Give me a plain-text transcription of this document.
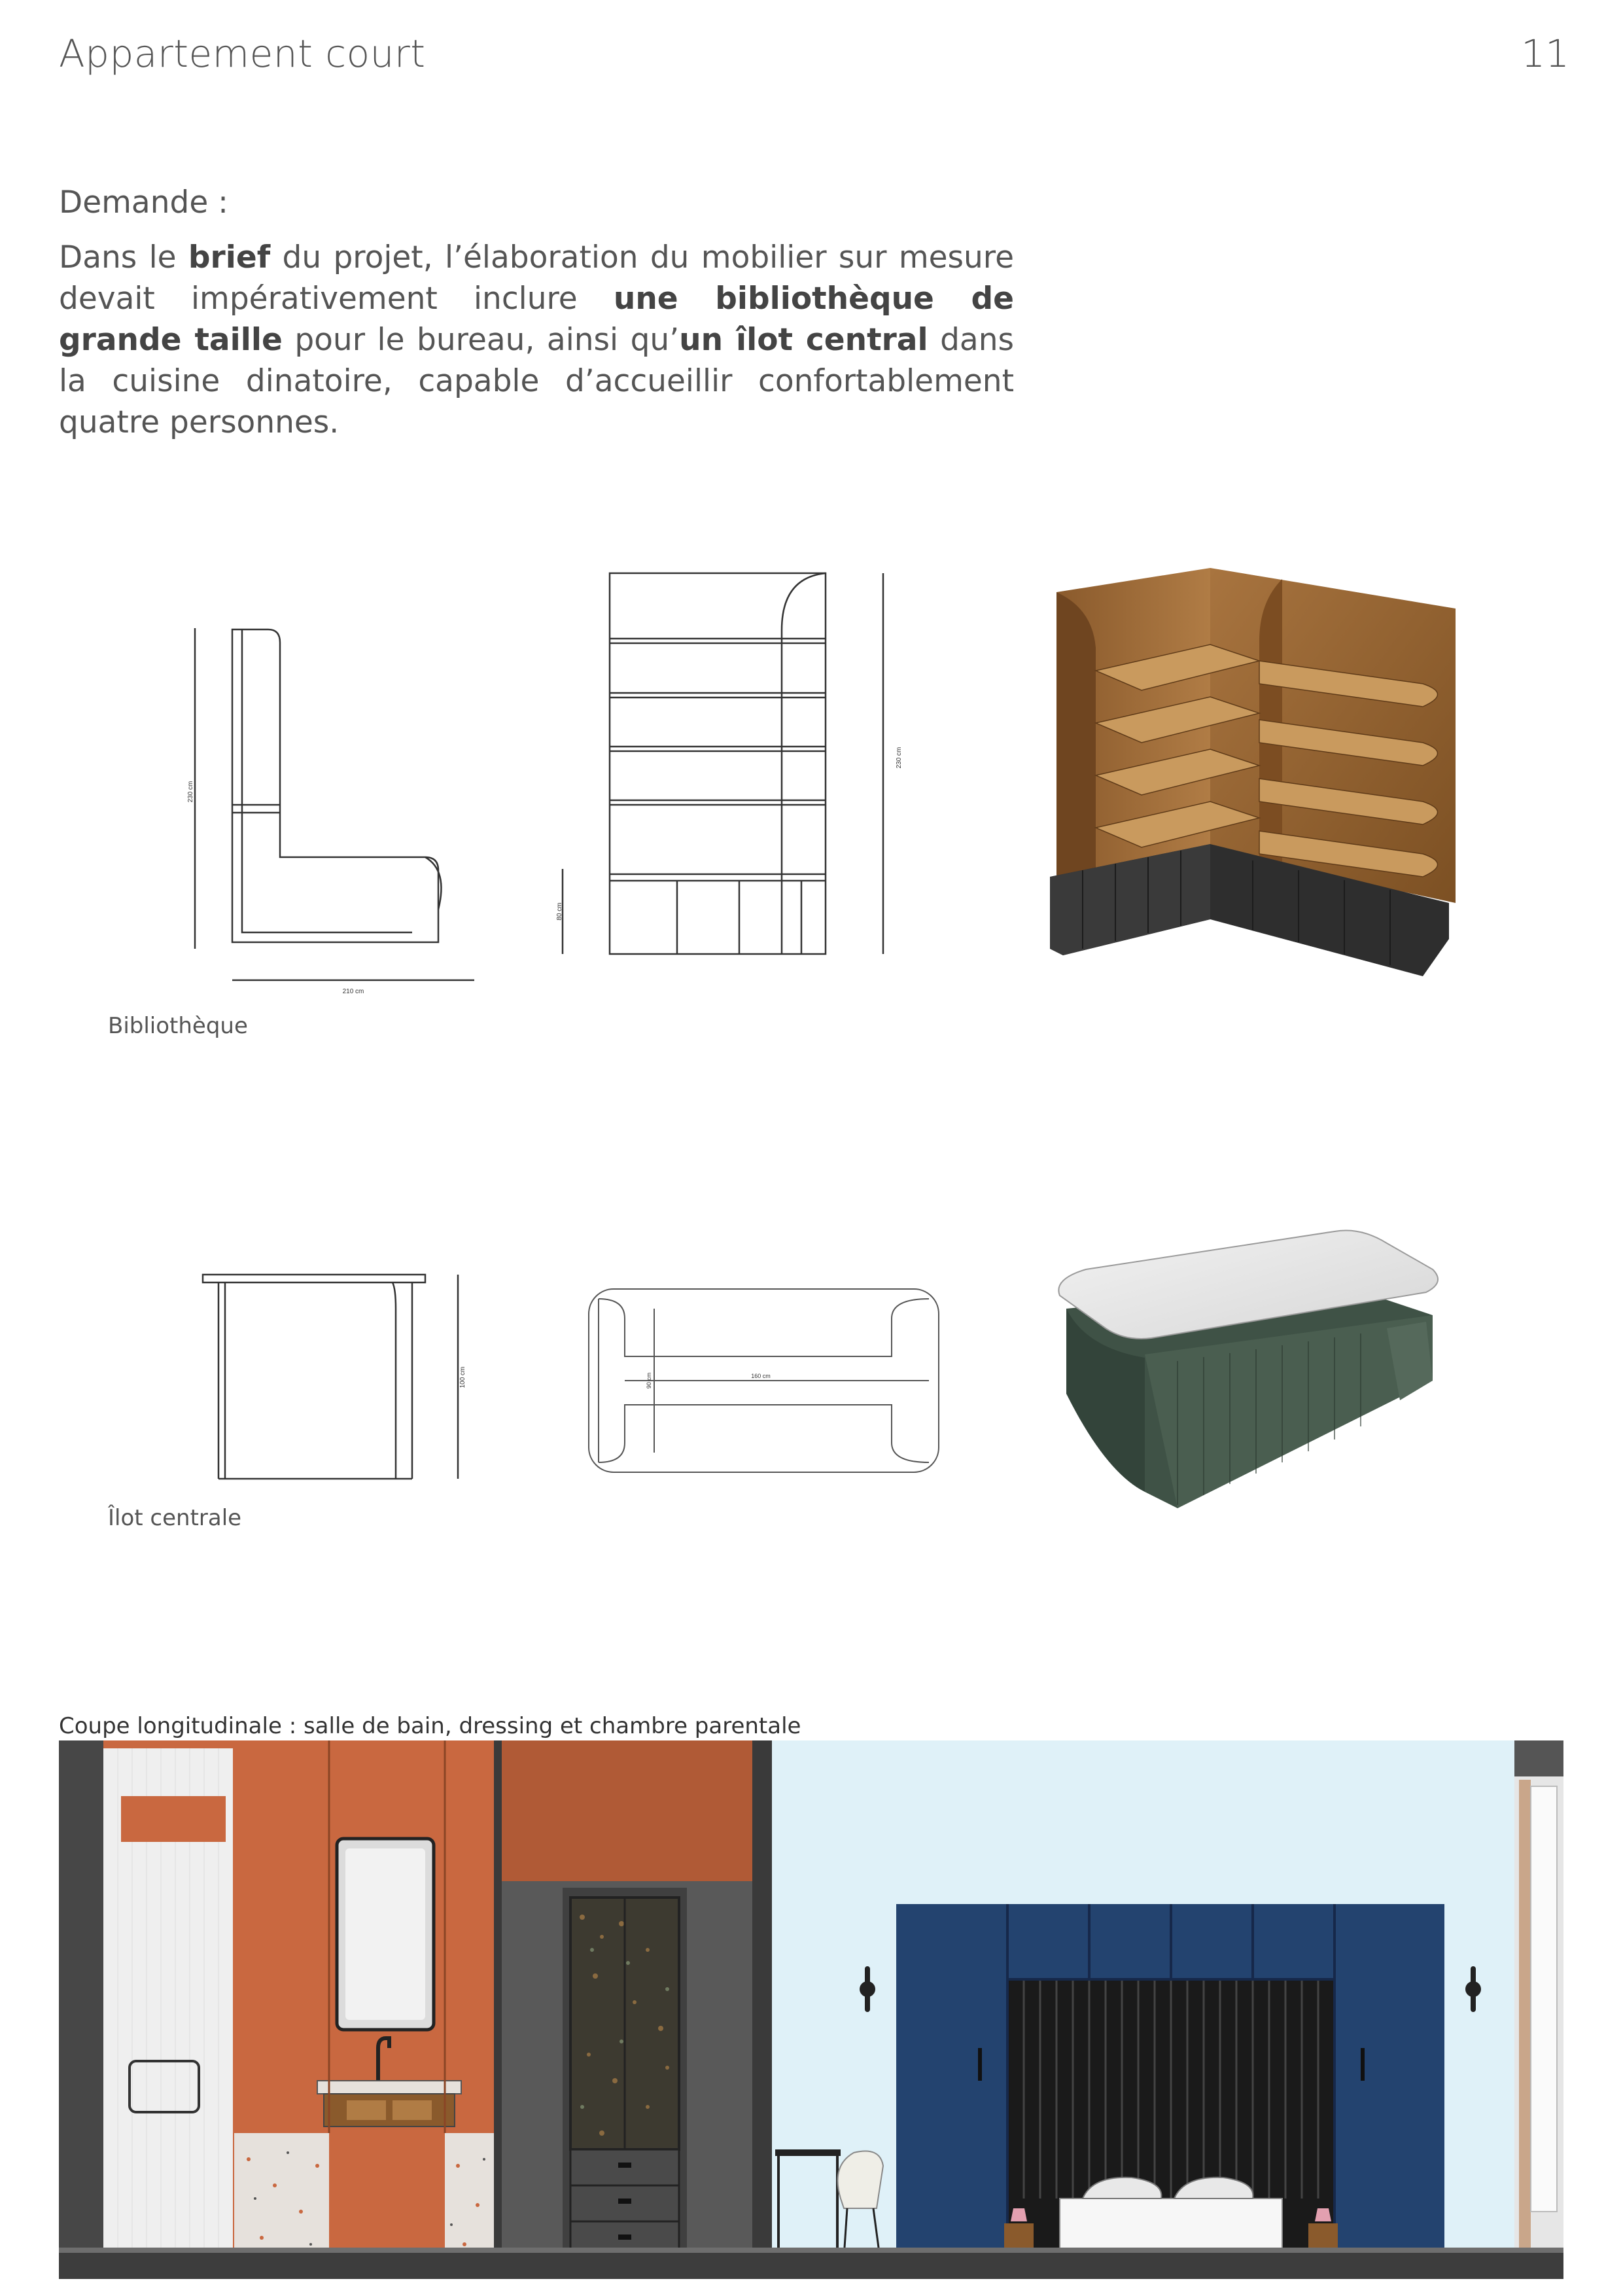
Appartement court	11
Demande :
Dans le brief du projet, l’élaboration du mobilier sur mesure devait impérativement inclure une bibliothèque de grande taille pour le bureau, ainsi qu’un îlot central dans la cuisine dinatoire, capable d’accueillir confortablement quatre personnes.
230 cm
210 cm
80 cm
230 cm
Bibliothèque
100 cm	90 cm	160 cm
Îlot centrale
Coupe longitudinale : salle de bain, dressing et chambre parentale
